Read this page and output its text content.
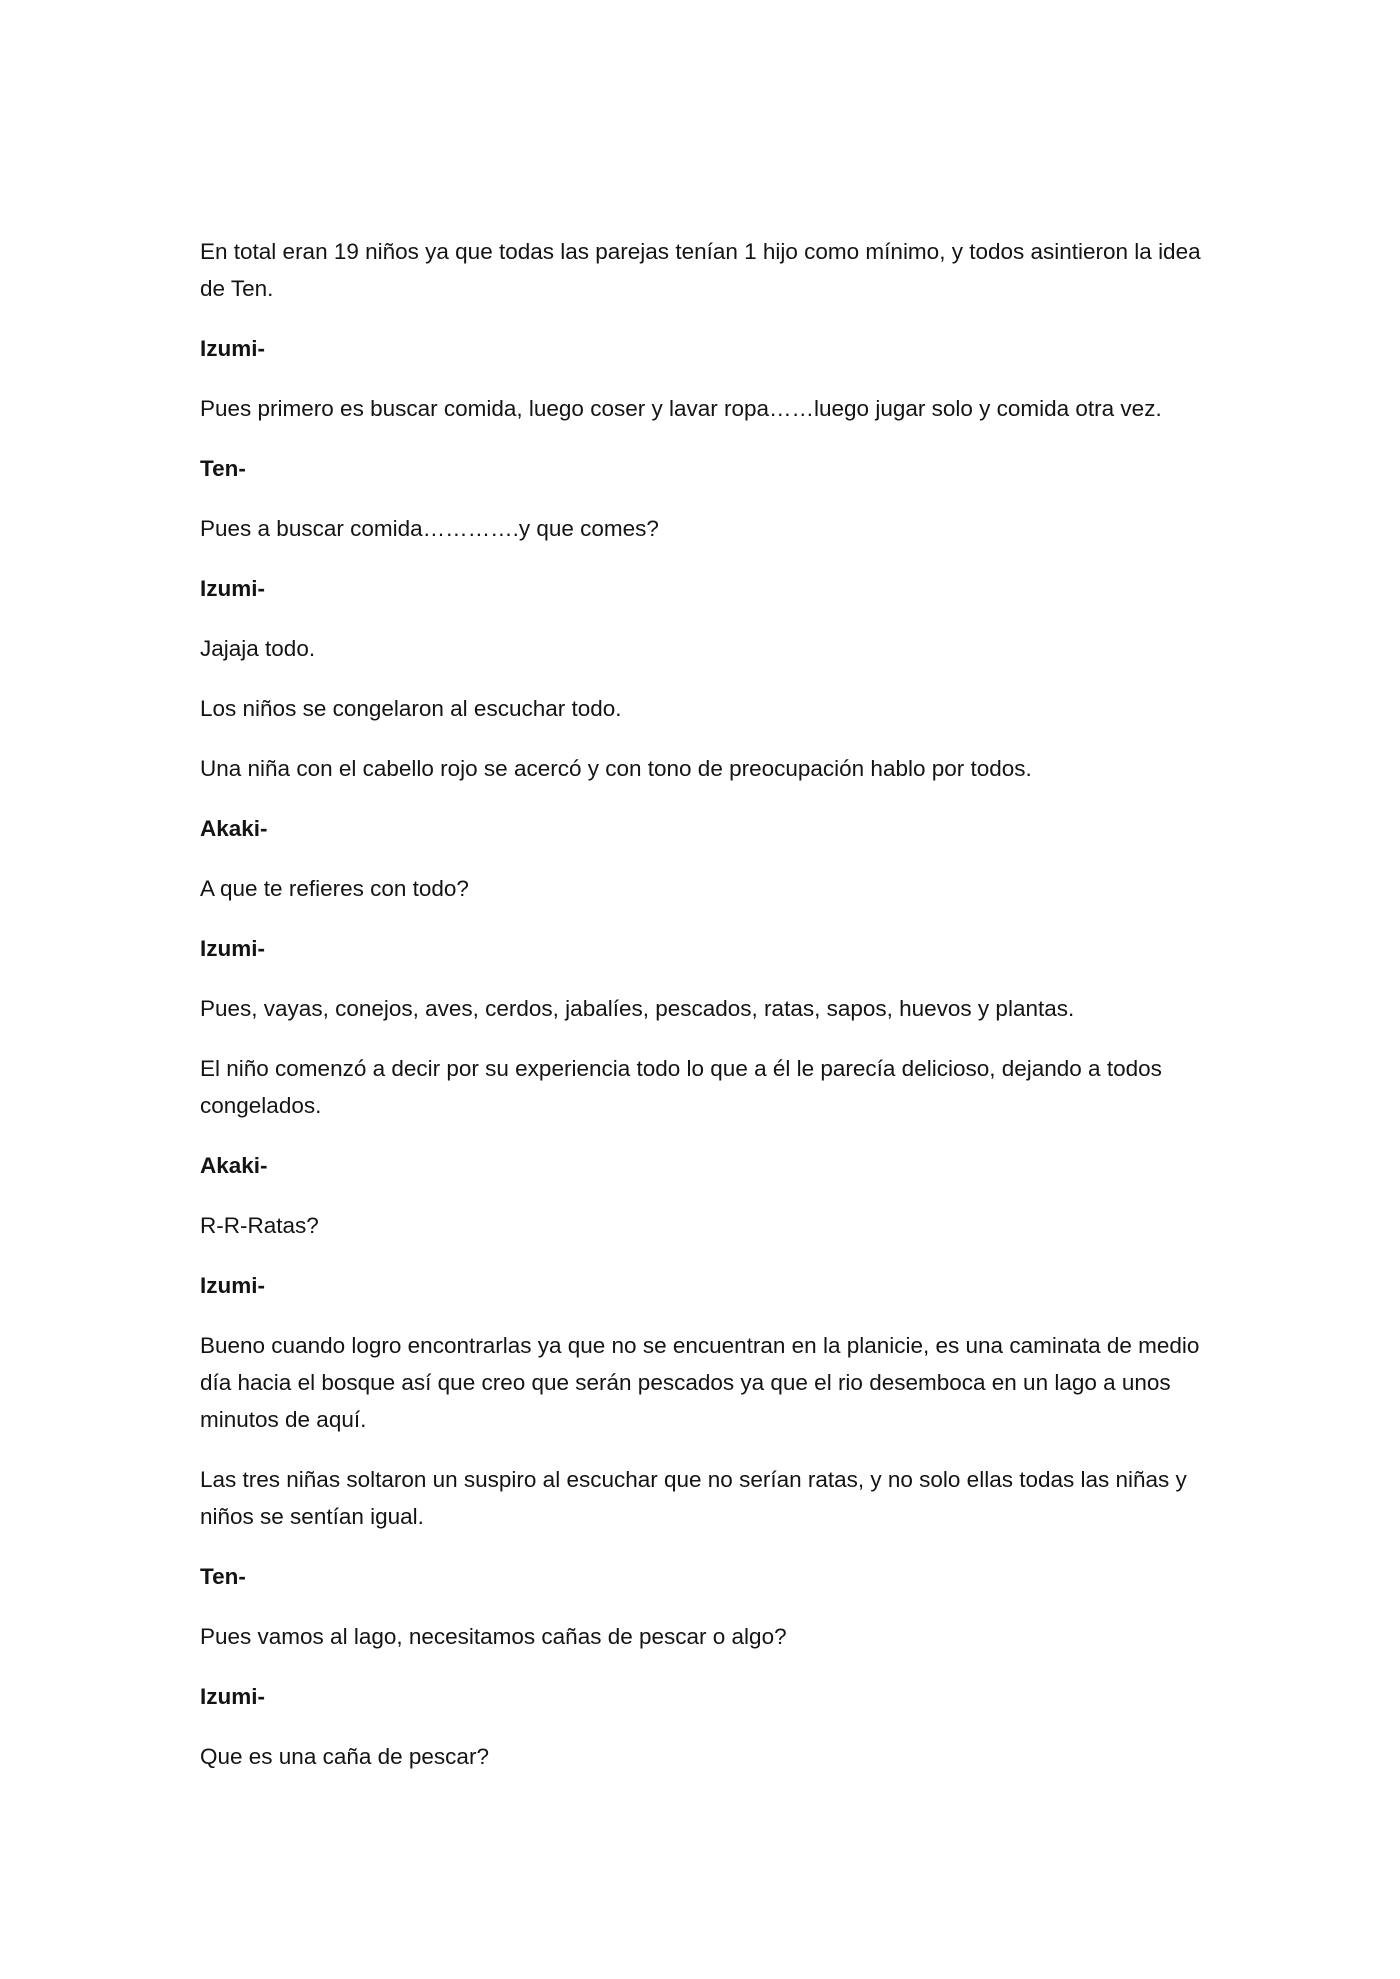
En total eran 19 niños ya que todas las parejas tenían 1 hijo como mínimo, y todos asintieron la idea de Ten.

Izumi-

Pues primero es buscar comida, luego coser y lavar ropa……luego jugar solo y comida otra vez.

Ten-

Pues a buscar comida………….y que comes?

Izumi-

Jajaja todo.

Los niños se congelaron al escuchar todo.

Una niña con el cabello rojo se acercó y con tono de preocupación hablo por todos.

Akaki-

A que te refieres con todo?

Izumi-

Pues, vayas, conejos, aves, cerdos, jabalíes, pescados, ratas, sapos, huevos y plantas.

El niño comenzó a decir por su experiencia todo lo que a él le parecía delicioso, dejando a todos congelados.

Akaki-

R-R-Ratas?

Izumi-

Bueno cuando logro encontrarlas ya que no se encuentran en la planicie, es una caminata de medio día hacia el bosque así que creo que serán pescados ya que el rio desemboca en un lago a unos minutos de aquí.

Las tres niñas soltaron un suspiro al escuchar que no serían ratas, y no solo ellas todas las niñas y niños se sentían igual.

Ten-

Pues vamos al lago, necesitamos cañas de pescar o algo?

Izumi-

Que es una caña de pescar?
